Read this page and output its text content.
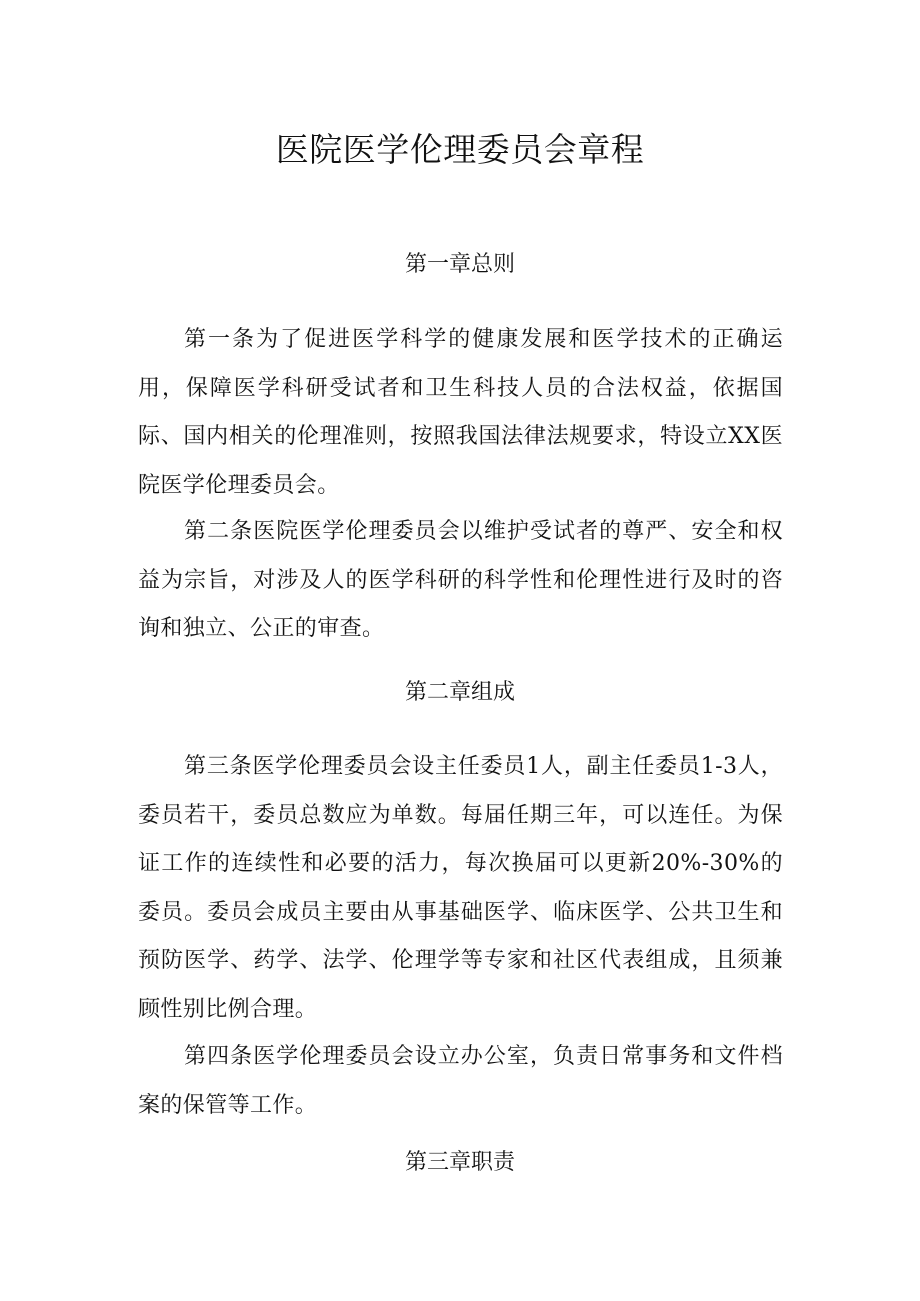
医院医学伦理委员会章程
第一章总则

第一条为了促进医学科学的健康发展和医学技术的正确运用，保障医学科研受试者和卫生科技人员的合法权益，依据国际、国内相关的伦理准则，按照我国法律法规要求，特设立XX医院医学伦理委员会。

第二条医院医学伦理委员会以维护受试者的尊严、安全和权益为宗旨，对涉及人的医学科研的科学性和伦理性进行及时的咨询和独立、公正的审查。

第二章组成

第三条医学伦理委员会设主任委员1人，副主任委员1-3人，委员若干，委员总数应为单数。每届任期三年，可以连任。为保证工作的连续性和必要的活力，每次换届可以更新20%-30%的委员。委员会成员主要由从事基础医学、临床医学、公共卫生和预防医学、药学、法学、伦理学等专家和社区代表组成，且须兼顾性别比例合理。

第四条医学伦理委员会设立办公室，负责日常事务和文件档案的保管等工作。

第三章职责
